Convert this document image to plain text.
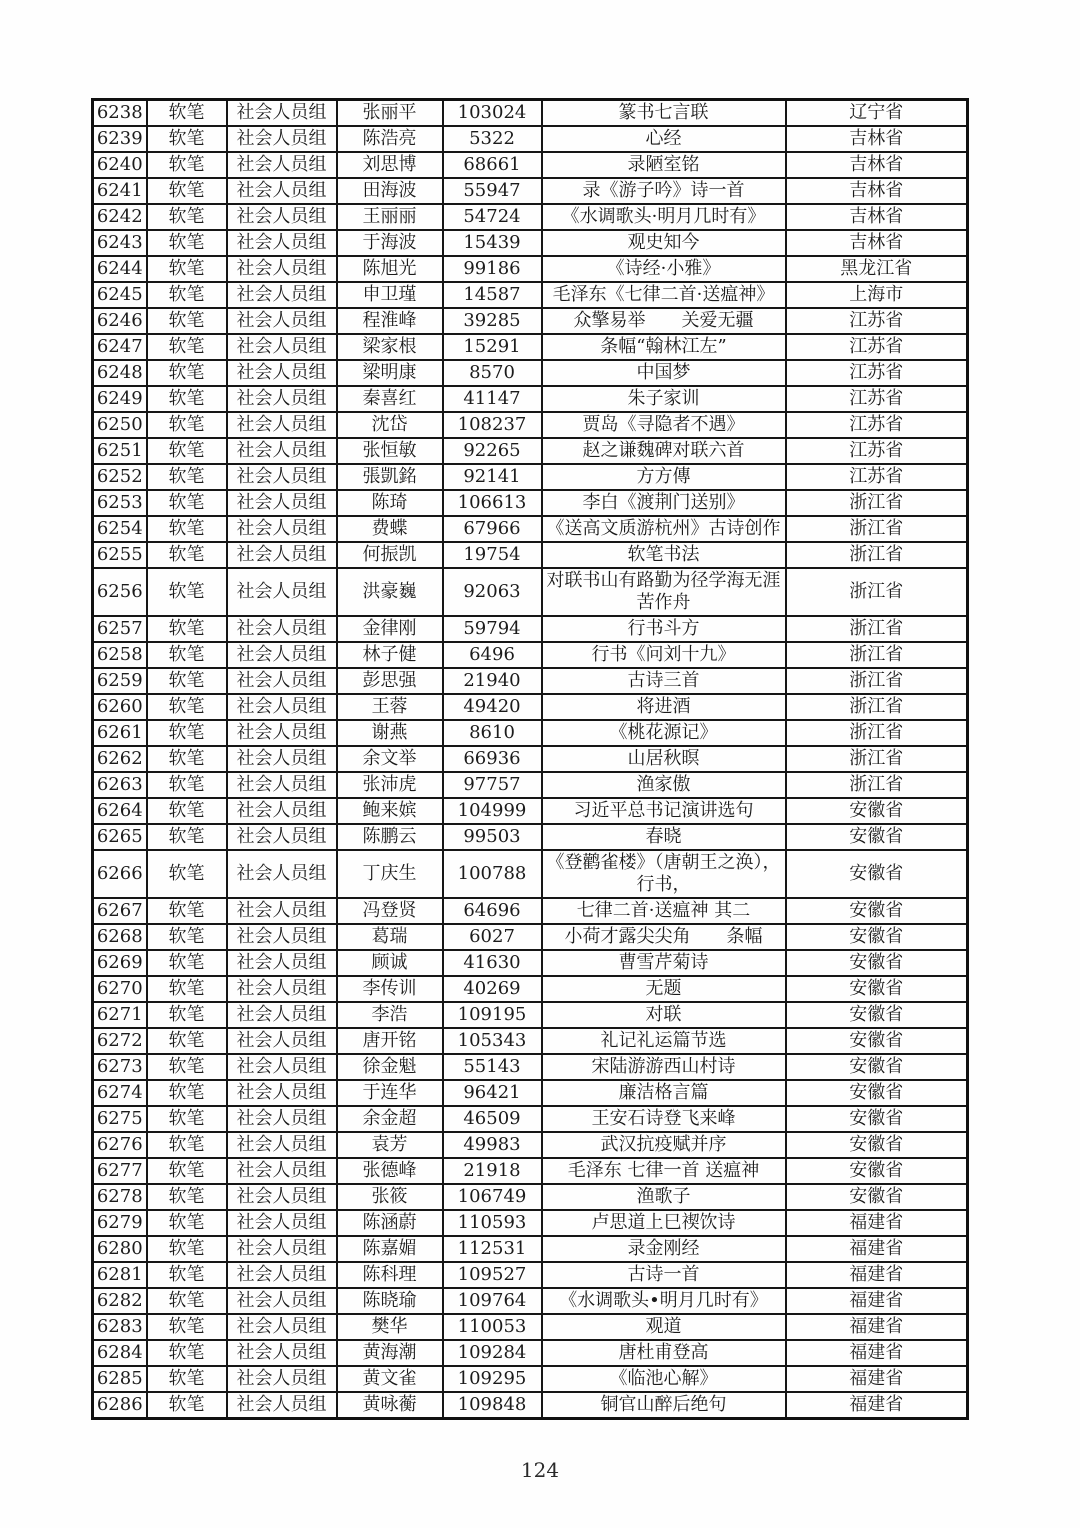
6238	软笔	社会人员组	张丽平	103024	篆书七言联	辽宁省
6239	软笔	社会人员组	陈浩亮	5322	心经	吉林省
6240	软笔	社会人员组	刘思博	68661	录陋室铭	吉林省
6241	软笔	社会人员组	田海波	55947	录《游子吟》诗一首	吉林省
6242	软笔	社会人员组	王丽丽	54724	《水调歌头·明月几时有》	吉林省
6243	软笔	社会人员组	于海波	15439	观史知今	吉林省
6244	软笔	社会人员组	陈旭光	99186	《诗经·小雅》	黑龙江省
6245	软笔	社会人员组	申卫瑾	14587	毛泽东《七律二首·送瘟神》	上海市
6246	软笔	社会人员组	程淮峰	39285	众擎易举　　关爱无疆	江苏省
6247	软笔	社会人员组	梁家根	15291	条幅“翰林江左”	江苏省
6248	软笔	社会人员组	梁明康	8570	中国梦	江苏省
6249	软笔	社会人员组	秦喜红	41147	朱子家训	江苏省
6250	软笔	社会人员组	沈岱	108237	贾岛《寻隐者不遇》	江苏省
6251	软笔	社会人员组	张恒敏	92265	赵之谦魏碑对联六首	江苏省
6252	软笔	社会人员组	張凱銘	92141	方方傳	江苏省
6253	软笔	社会人员组	陈琦	106613	李白《渡荆门送别》	浙江省
6254	软笔	社会人员组	费蝶	67966	《送高文质游杭州》古诗创作	浙江省
6255	软笔	社会人员组	何振凯	19754	软笔书法	浙江省
6256	软笔	社会人员组	洪豪巍	92063	对联书山有路勤为径学海无涯苦作舟	浙江省
6257	软笔	社会人员组	金律刚	59794	行书斗方	浙江省
6258	软笔	社会人员组	林子健	6496	行书《问刘十九》	浙江省
6259	软笔	社会人员组	彭思强	21940	古诗三首	浙江省
6260	软笔	社会人员组	王蓉	49420	将进酒	浙江省
6261	软笔	社会人员组	谢燕	8610	《桃花源记》	浙江省
6262	软笔	社会人员组	余文举	66936	山居秋暝	浙江省
6263	软笔	社会人员组	张沛虎	97757	渔家傲	浙江省
6264	软笔	社会人员组	鲍来嫔	104999	习近平总书记演讲选句	安徽省
6265	软笔	社会人员组	陈鹏云	99503	春晓	安徽省
6266	软笔	社会人员组	丁庆生	100788	《登鹳雀楼》（唐朝王之涣），行书，	安徽省
6267	软笔	社会人员组	冯登贤	64696	七律二首·送瘟神 其二	安徽省
6268	软笔	社会人员组	葛瑞	6027	小荷才露尖尖角　　条幅	安徽省
6269	软笔	社会人员组	顾诚	41630	曹雪芹菊诗	安徽省
6270	软笔	社会人员组	李传训	40269	无题	安徽省
6271	软笔	社会人员组	李浩	109195	对联	安徽省
6272	软笔	社会人员组	唐开铭	105343	礼记礼运篇节选	安徽省
6273	软笔	社会人员组	徐金魁	55143	宋陆游游西山村诗	安徽省
6274	软笔	社会人员组	于连华	96421	廉洁格言篇	安徽省
6275	软笔	社会人员组	余金超	46509	王安石诗登飞来峰	安徽省
6276	软笔	社会人员组	袁芳	49983	武汉抗疫赋并序	安徽省
6277	软笔	社会人员组	张德峰	21918	毛泽东 七律一首 送瘟神	安徽省
6278	软笔	社会人员组	张筱	106749	渔歌子	安徽省
6279	软笔	社会人员组	陈涵蔚	110593	卢思道上巳禊饮诗	福建省
6280	软笔	社会人员组	陈嘉媚	112531	录金刚经	福建省
6281	软笔	社会人员组	陈科理	109527	古诗一首	福建省
6282	软笔	社会人员组	陈晓瑜	109764	《水调歌头•明月几时有》	福建省
6283	软笔	社会人员组	樊华	110053	观道	福建省
6284	软笔	社会人员组	黄海潮	109284	唐杜甫登高	福建省
6285	软笔	社会人员组	黄文雀	109295	《临池心解》	福建省
6286	软笔	社会人员组	黄咏蘅	109848	铜官山醉后绝句	福建省
124
